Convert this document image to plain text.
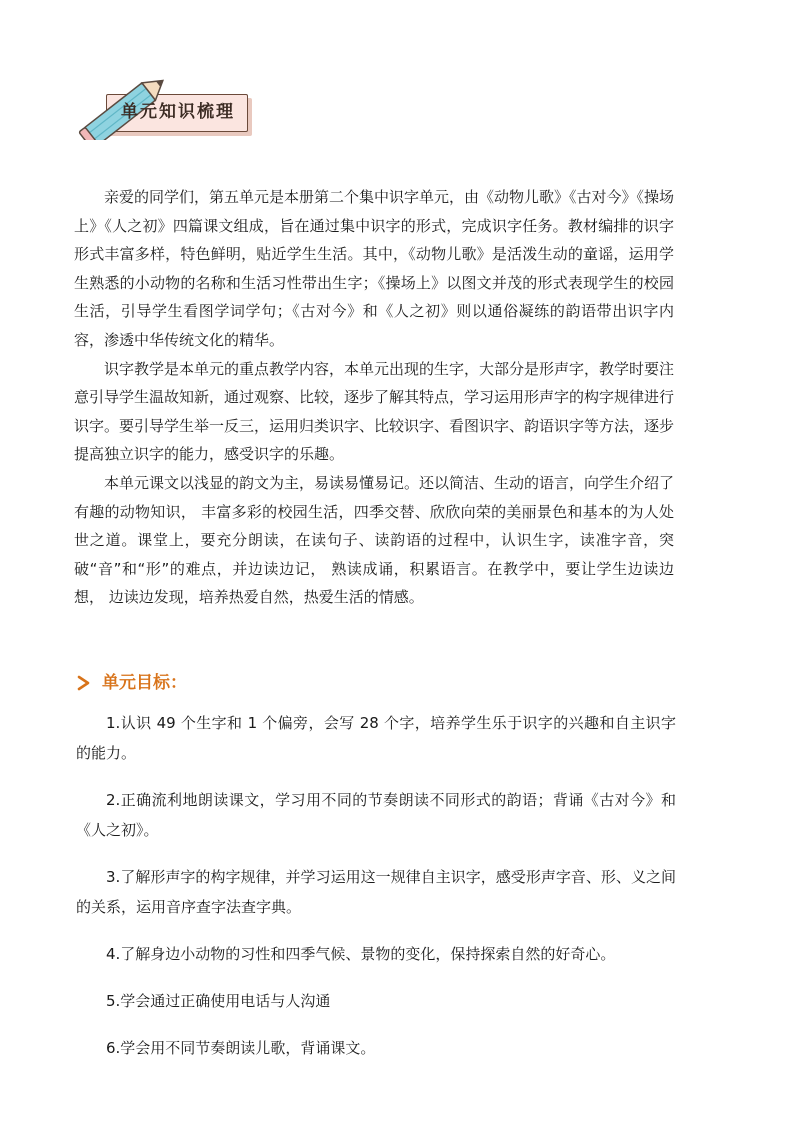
单元知识梳理

亲爱的同学们，第五单元是本册第二个集中识字单元，由《动物儿歌》《古对今》《操场上》《人之初》四篇课文组成，旨在通过集中识字的形式，完成识字任务。教材编排的识字形式丰富多样，特色鲜明，贴近学生生活。其中，《动物儿歌》是活泼生动的童谣，运用学生熟悉的小动物的名称和生活习性带出生字；《操场上》以图文并茂的形式表现学生的校园生活，引导学生看图学词学句；《古对今》和《人之初》则以通俗凝练的韵语带出识字内容，渗透中华传统文化的精华。

识字教学是本单元的重点教学内容，本单元出现的生字，大部分是形声字，教学时要注意引导学生温故知新，通过观察、比较，逐步了解其特点，学习运用形声字的构字规律进行识字。要引导学生举一反三，运用归类识字、比较识字、看图识字、韵语识字等方法，逐步提高独立识字的能力，感受识字的乐趣。

本单元课文以浅显的韵文为主，易读易懂易记。还以简洁、生动的语言，向学生介绍了有趣的动物知识， 丰富多彩的校园生活，四季交替、欣欣向荣的美丽景色和基本的为人处世之道。课堂上，要充分朗读，在读句子、读韵语的过程中，认识生字，读准字音，突破“音”和“形”的难点，并边读边记， 熟读成诵，积累语言。在教学中，要让学生边读边想， 边读边发现，培养热爱自然，热爱生活的情感。

单元目标：

1.认识 49 个生字和 1 个偏旁，会写 28 个字，培养学生乐于识字的兴趣和自主识字的能力。

2.正确流利地朗读课文，学习用不同的节奏朗读不同形式的韵语；背诵《古对今》和《人之初》。

3.了解形声字的构字规律，并学习运用这一规律自主识字，感受形声字音、形、义之间的关系，运用音序查字法查字典。

4.了解身边小动物的习性和四季气候、景物的变化，保持探索自然的好奇心。

5.学会通过正确使用电话与人沟通

6.学会用不同节奏朗读儿歌，背诵课文。
